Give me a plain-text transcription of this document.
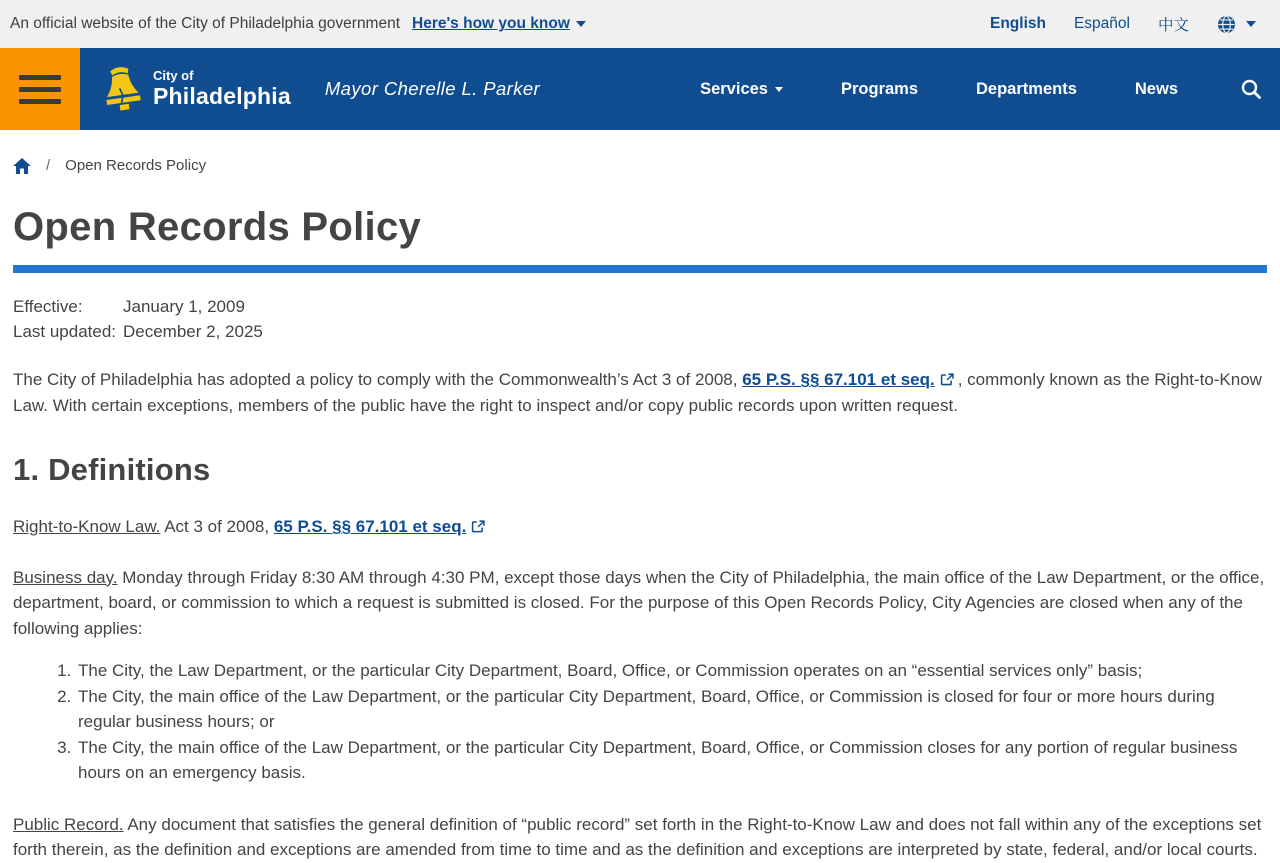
An official website of the City of Philadelphia government Here's how you know	English Español 中文
City of
Philadelphia Mayor Cherelle L. Parker	Services	Programs	Departments	News
/ Open Records Policy
Open Records Policy
Effective:	January 1, 2009
Last updated: December 2, 2025

The City of Philadelphia has adopted a policy to comply with the Commonwealth’s Act 3 of 2008, 65 P.S. §§ 67.101 et seq. , commonly known as the Right-to-Know Law. With certain exceptions, members of the public have the right to inspect and/or copy public records upon written request.

1. Definitions

Right-to-Know Law. Act 3 of 2008, 65 P.S. §§ 67.101 et seq.

Business day. Monday through Friday 8:30 AM through 4:30 PM, except those days when the City of Philadelphia, the main office of the Law Department, or the office, department, board, or commission to which a request is submitted is closed. For the purpose of this Open Records Policy, City Agencies are closed when any of the following applies:

1. The City, the Law Department, or the particular City Department, Board, Office, or Commission operates on an “essential services only” basis;
2. The City, the main office of the Law Department, or the particular City Department, Board, Office, or Commission is closed for four or more hours during regular business hours; or
3. The City, the main office of the Law Department, or the particular City Department, Board, Office, or Commission closes for any portion of regular business hours on an emergency basis.

Public Record. Any document that satisfies the general definition of “public record” set forth in the Right-to-Know Law and does not fall within any of the exceptions set forth therein, as the definition and exceptions are amended from time to time and as the definition and exceptions are interpreted by state, federal, and/or local courts.
